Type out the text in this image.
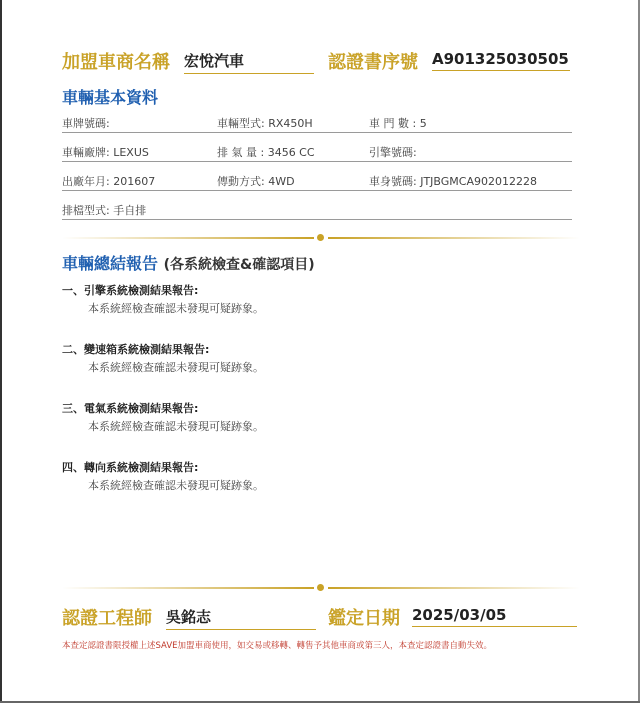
加盟車商名稱 宏悅汽車	認證書序號 A901325030505
車輛基本資料
車牌號碼:	車輛型式: RX450H	車 門 數 : 5
車輛廠牌: LEXUS	排 氣 量 : 3456 CC	引擎號碼:
出廠年月: 201607	傳動方式: 4WD	車身號碼: JTJBGMCA902012228
排檔型式: 手自排
車輛總結報告 (各系統檢查&確認項目)
一、引擎系統檢測結果報告:
本系統經檢查確認未發現可疑跡象。
二、變速箱系統檢測結果報告:
本系統經檢查確認未發現可疑跡象。
三、電氣系統檢測結果報告:
本系統經檢查確認未發現可疑跡象。
四、轉向系統檢測結果報告:
本系統經檢查確認未發現可疑跡象。
認證工程師 吳銘志	鑑定日期 2025/03/05
本查定認證書限授權上述SAVE加盟車商使用，如交易或移轉、轉售予其他車商或第三人，本查定認證書自動失效。
